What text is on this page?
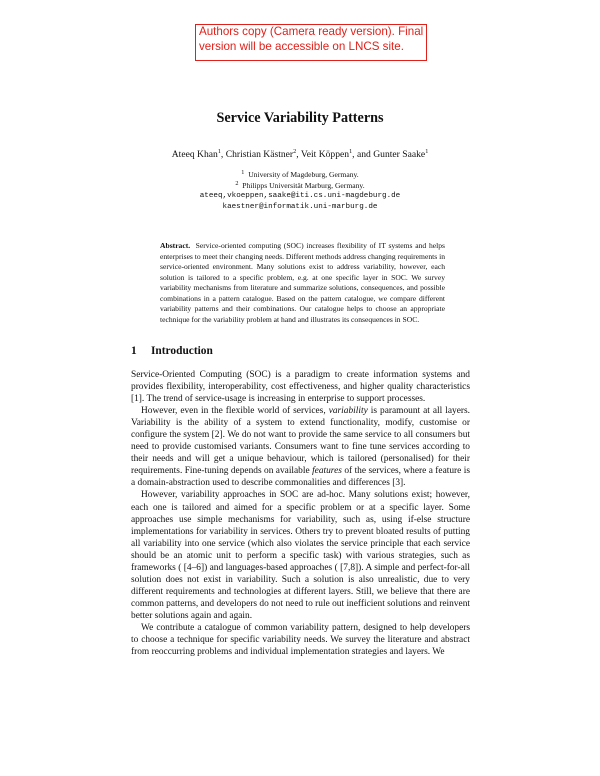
Authors copy (Camera ready version). Final
version will be accessible on LNCS site.
Service Variability Patterns
Ateeq Khan$^1$, Christian Kästner$^2$, Veit Köppen$^1$, and Gunter Saake$^1$
$^1$ University of Magdeburg, Germany.
$^2$ Philipps Universität Marburg, Germany.
ateeq,vkoeppen,saake@iti.cs.uni-magdeburg.de
kaestner@informatik.uni-marburg.de
Abstract. Service-oriented computing (SOC) increases flexibility of IT systems and helps enterprises to meet their changing needs. Different methods address changing requirements in service-oriented environment. Many solutions exist to address variability, however, each solution is tailored to a specific problem, e.g. at one specific layer in SOC. We survey variability mechanisms from literature and summarize solutions, consequences, and possible combinations in a pattern catalogue. Based on the pattern catalogue, we compare different variability patterns and their combinations. Our catalogue helps to choose an appropriate technique for the variability problem at hand and illustrates its consequences in SOC.
1 Introduction

Service-Oriented Computing (SOC) is a paradigm to create information systems and provides flexibility, interoperability, cost effectiveness, and higher quality characteristics [1]. The trend of service-usage is increasing in enterprise to support processes.

However, even in the flexible world of services, variability is paramount at all layers. Variability is the ability of a system to extend functionality, modify, customise or configure the system [2]. We do not want to provide the same service to all consumers but need to provide customised variants. Consumers want to fine tune services according to their needs and will get a unique behaviour, which is tailored (personalised) for their requirements. Fine-tuning depends on available features of the services, where a feature is a domain-abstraction used to describe commonalities and differences [3].

However, variability approaches in SOC are ad-hoc. Many solutions exist; however, each one is tailored and aimed for a specific problem or at a specific layer. Some approaches use simple mechanisms for variability, such as, using if-else structure implementations for variability in services. Others try to prevent bloated results of putting all variability into one service (which also violates the service principle that each service should be an atomic unit to perform a specific task) with various strategies, such as frameworks ( [4–6]) and languages-based approaches ( [7,8]). A simple and perfect-for-all solution does not exist in variability. Such a solution is also unrealistic, due to very different requirements and technologies at different layers. Still, we believe that there are common patterns, and developers do not need to rule out inefficient solutions and reinvent better solutions again and again.

We contribute a catalogue of common variability pattern, designed to help developers to choose a technique for specific variability needs. We survey the literature and abstract from reoccurring problems and individual implementation strategies and layers. We
